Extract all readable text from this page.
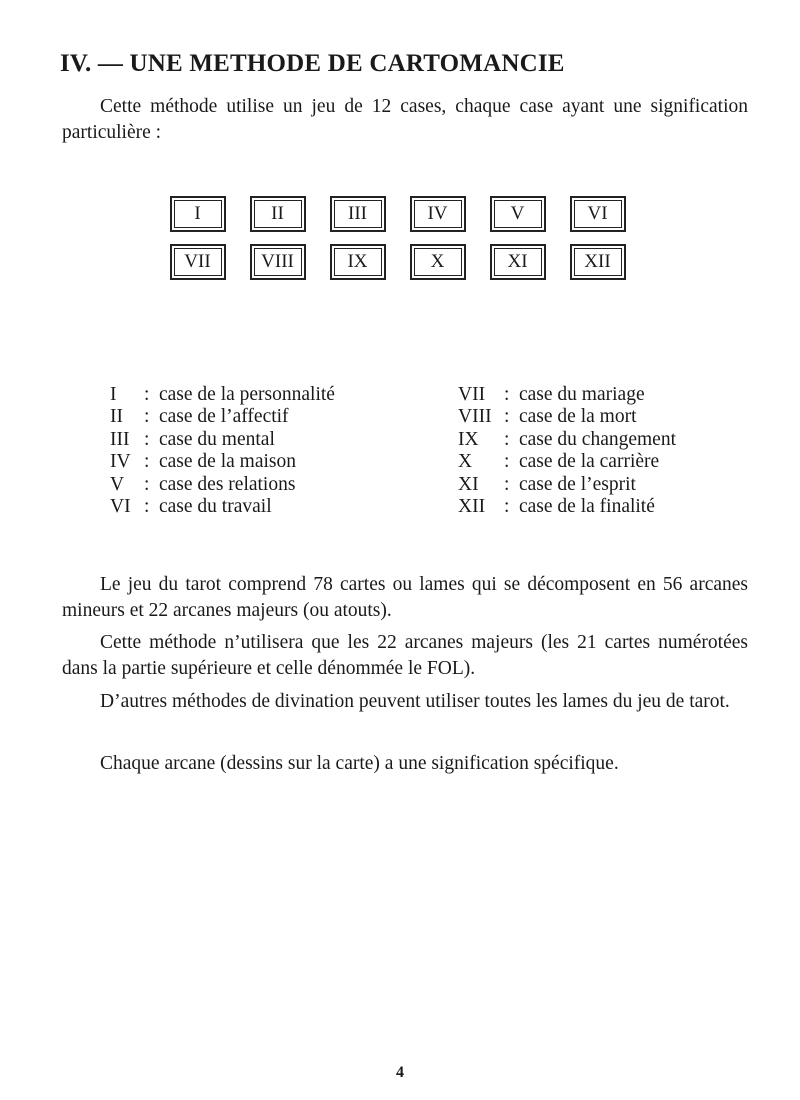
IV. — UNE METHODE DE CARTOMANCIE

Cette méthode utilise un jeu de 12 cases, chaque case ayant une signification particulière :

I	II	III	IV	V	VI
VII	VIII	IX	X	XI	XII
I	: case de la personnalité
II	: case de l’affectif
III : case du mental
IV : case de la maison
V	: case des relations
VI : case du travail
VII : case du mariage
VIII : case de la mort
IX	: case du changement
X	: case de la carrière
XI	: case de l’esprit
XII : case de la finalité

Le jeu du tarot comprend 78 cartes ou lames qui se décomposent en 56 arcanes mineurs et 22 arcanes majeurs (ou atouts).

Cette méthode n’utilisera que les 22 arcanes majeurs (les 21 cartes numérotées dans la partie supérieure et celle dénommée le FOL).

D’autres méthodes de divination peuvent utiliser toutes les lames du jeu de tarot.

Chaque arcane (dessins sur la carte) a une signification spécifique.

4
